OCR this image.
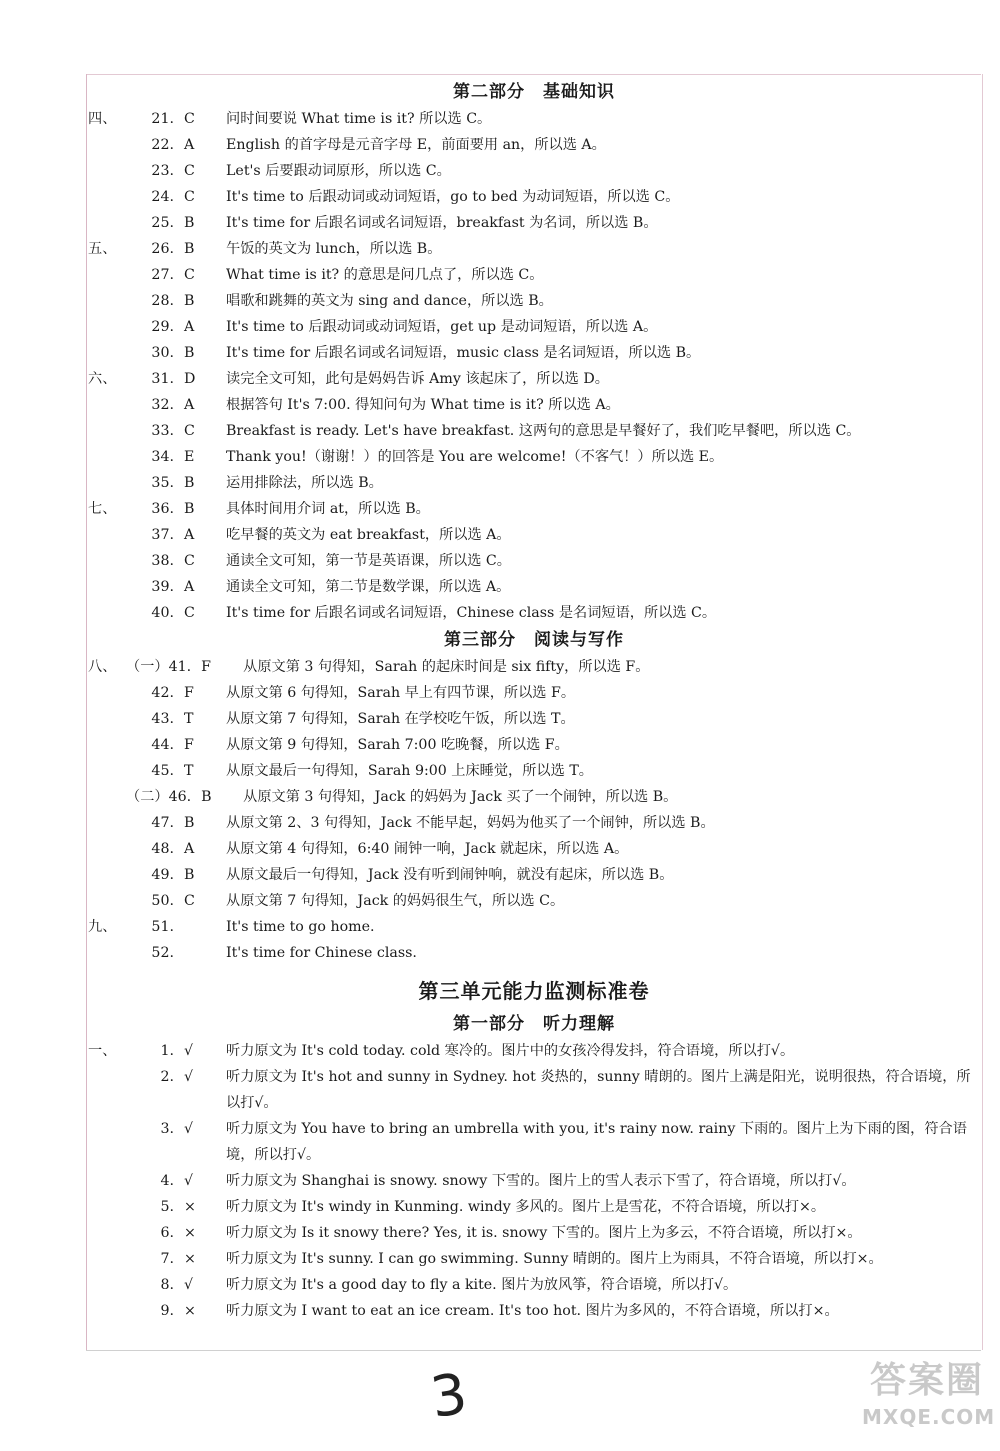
第二部分　基础知识
四、	21. C	问时间要说 What time is it? 所以选 C。
22. A	English 的首字母是元音字母 E，前面要用 an，所以选 A。
23. C	Let's 后要跟动词原形，所以选 C。
24. C	It's time to 后跟动词或动词短语，go to bed 为动词短语，所以选 C。
25. B	It's time for 后跟名词或名词短语，breakfast 为名词，所以选 B。
五、	26. B	午饭的英文为 lunch，所以选 B。
27. C	What time is it? 的意思是问几点了，所以选 C。
28. B	唱歌和跳舞的英文为 sing and dance，所以选 B。
29. A	It's time to 后跟动词或动词短语，get up 是动词短语，所以选 A。
30. B	It's time for 后跟名词或名词短语，music class 是名词短语，所以选 B。
六、	31. D	读完全文可知，此句是妈妈告诉 Amy 该起床了，所以选 D。
32. A	根据答句 It's 7:00. 得知问句为 What time is it? 所以选 A。
33. C	Breakfast is ready. Let's have breakfast. 这两句的意思是早餐好了，我们吃早餐吧，所以选 C。
34. E	Thank you!（谢谢！）的回答是 You are welcome!（不客气！）所以选 E。
35. B	运用排除法，所以选 B。
七、	36. B	具体时间用介词 at，所以选 B。
37. A	吃早餐的英文为 eat breakfast，所以选 A。
38. C	通读全文可知，第一节是英语课，所以选 C。
39. A	通读全文可知，第二节是数学课，所以选 A。
40. C	It's time for 后跟名词或名词短语，Chinese class 是名词短语，所以选 C。
第三部分　阅读与写作
八、 （一）41. F	从原文第 3 句得知，Sarah 的起床时间是 six fifty，所以选 F。
42. F	从原文第 6 句得知，Sarah 早上有四节课，所以选 F。
43. T	从原文第 7 句得知，Sarah 在学校吃午饭，所以选 T。
44. F	从原文第 9 句得知，Sarah 7:00 吃晚餐，所以选 F。
45. T	从原文最后一句得知，Sarah 9:00 上床睡觉，所以选 T。
（二）46. B	从原文第 3 句得知，Jack 的妈妈为 Jack 买了一个闹钟，所以选 B。
47. B	从原文第 2、3 句得知，Jack 不能早起，妈妈为他买了一个闹钟，所以选 B。
48. A	从原文第 4 句得知，6:40 闹钟一响，Jack 就起床，所以选 A。
49. B	从原文最后一句得知，Jack 没有听到闹钟响，就没有起床，所以选 B。
50. C	从原文第 7 句得知，Jack 的妈妈很生气，所以选 C。
九、	51.	It's time to go home.
52.	It's time for Chinese class.
第三单元能力监测标准卷
第一部分　听力理解
一、	1. √	听力原文为 It's cold today. cold 寒冷的。图片中的女孩冷得发抖，符合语境，所以打√。
2. √	听力原文为 It's hot and sunny in Sydney. hot 炎热的，sunny 晴朗的。图片上满是阳光，说明很热，符合语境，所以打√。
3. √	听力原文为 You have to bring an umbrella with you, it's rainy now. rainy 下雨的。图片上为下雨的图，符合语境，所以打√。
4. √	听力原文为 Shanghai is snowy. snowy 下雪的。图片上的雪人表示下雪了，符合语境，所以打√。
5. ×	听力原文为 It's windy in Kunming. windy 多风的。图片上是雪花，不符合语境，所以打×。
6. ×	听力原文为 Is it snowy there? Yes, it is. snowy 下雪的。图片上为多云，不符合语境，所以打×。
7. ×	听力原文为 It's sunny. I can go swimming. Sunny 晴朗的。图片上为雨具，不符合语境，所以打×。
8. √	听力原文为 It's a good day to fly a kite. 图片为放风筝，符合语境，所以打√。
9. ×	听力原文为 I want to eat an ice cream. It's too hot. 图片为多风的，不符合语境，所以打×。
3	答案圈
MXQE.COM
